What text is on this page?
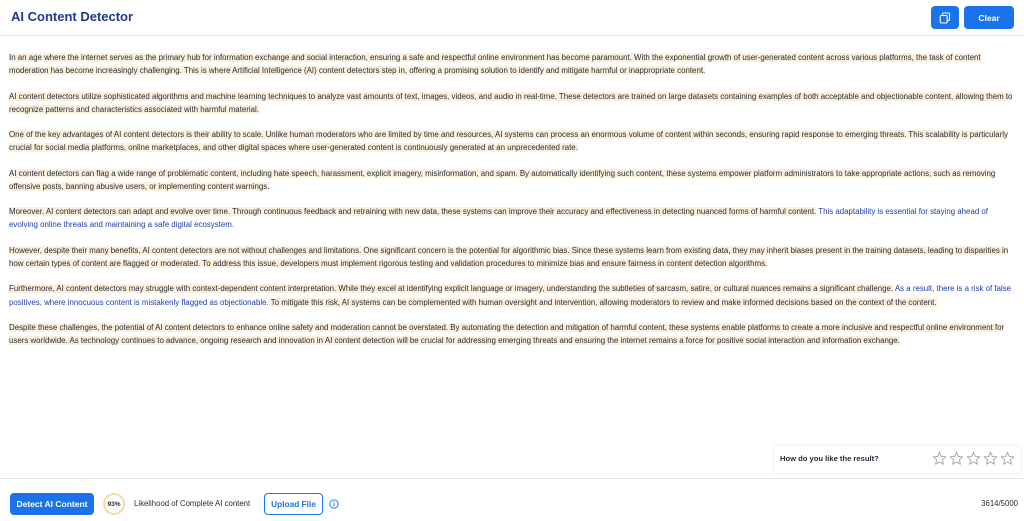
AI Content Detector	Clear
In an age where the internet serves as the primary hub for information exchange and social interaction, ensuring a safe and respectful online environment has become paramount. With the exponential growth of user-generated content across various platforms, the task of content moderation has become increasingly challenging. This is where Artificial Intelligence (AI) content detectors step in, offering a promising solution to identify and mitigate harmful or inappropriate content.
AI content detectors utilize sophisticated algorithms and machine learning techniques to analyze vast amounts of text, images, videos, and audio in real-time. These detectors are trained on large datasets containing examples of both acceptable and objectionable content, allowing them to recognize patterns and characteristics associated with harmful material.
One of the key advantages of AI content detectors is their ability to scale. Unlike human moderators who are limited by time and resources, AI systems can process an enormous volume of content within seconds, ensuring rapid response to emerging threats. This scalability is particularly crucial for social media platforms, online marketplaces, and other digital spaces where user-generated content is continuously generated at an unprecedented rate.
AI content detectors can flag a wide range of problematic content, including hate speech, harassment, explicit imagery, misinformation, and spam. By automatically identifying such content, these systems empower platform administrators to take appropriate actions, such as removing offensive posts, banning abusive users, or implementing content warnings.
Moreover, AI content detectors can adapt and evolve over time. Through continuous feedback and retraining with new data, these systems can improve their accuracy and effectiveness in detecting nuanced forms of harmful content. This adaptability is essential for staying ahead of evolving online threats and maintaining a safe digital ecosystem.
However, despite their many benefits, AI content detectors are not without challenges and limitations. One significant concern is the potential for algorithmic bias. Since these systems learn from existing data, they may inherit biases present in the training datasets, leading to disparities in how certain types of content are flagged or moderated. To address this issue, developers must implement rigorous testing and validation procedures to minimize bias and ensure fairness in content detection algorithms.
Furthermore, AI content detectors may struggle with context-dependent content interpretation. While they excel at identifying explicit language or imagery, understanding the subtleties of sarcasm, satire, or cultural nuances remains a significant challenge. As a result, there is a risk of false positives, where innocuous content is mistakenly flagged as objectionable. To mitigate this risk, AI systems can be complemented with human oversight and intervention, allowing moderators to review and make informed decisions based on the context of the content.
Despite these challenges, the potential of AI content detectors to enhance online safety and moderation cannot be overstated. By automating the detection and mitigation of harmful content, these systems enable platforms to create a more inclusive and respectful online environment for users worldwide. As technology continues to advance, ongoing research and innovation in AI content detection will be crucial for addressing emerging threats and ensuring the internet remains a force for positive social interaction and information exchange.
How do you like the result?
Detect AI Content	93%	Likelihood of Complete AI content	Upload File	3614/5000
